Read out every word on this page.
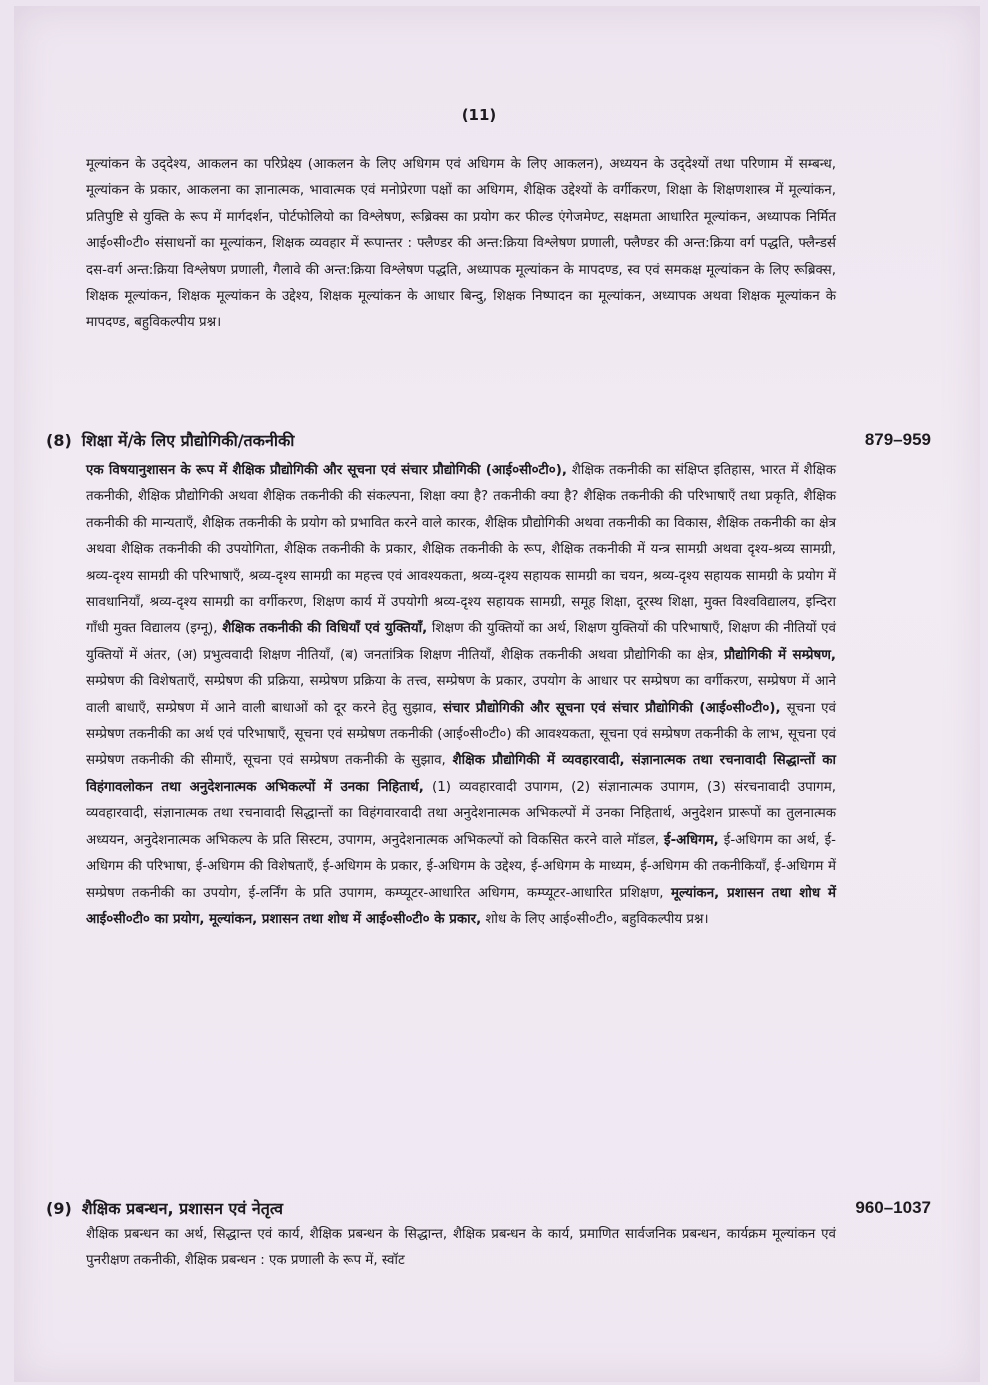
(11)

मूल्यांकन के उद्‌देश्य, आकलन का परिप्रेक्ष्य (आकलन के लिए अधिगम एवं अधिगम के लिए आकलन), अध्ययन के उद्‌देश्यों तथा परिणाम में सम्बन्ध, मूल्यांकन के प्रकार, आकलना का ज्ञानात्मक, भावात्मक एवं मनोप्रेरणा पक्षों का अधिगम, शैक्षिक उद्देश्यों के वर्गीकरण, शिक्षा के शिक्षणशास्त्र में मूल्यांकन, प्रतिपुष्टि से युक्ति के रूप में मार्गदर्शन, पोर्टफोलियो का विश्लेषण, रूब्रिक्स का प्रयोग कर फील्ड एंगेजमेण्ट, सक्षमता आधारित मूल्यांकन, अध्यापक निर्मित आई०सी०टी० संसाधनों का मूल्यांकन, शिक्षक व्यवहार में रूपान्तर : फ्लैण्डर की अन्त:क्रिया विश्लेषण प्रणाली, फ्लैण्डर की अन्त:क्रिया वर्ग पद्धति, फ्लैन्डर्स दस-वर्ग अन्त:क्रिया विश्लेषण प्रणाली, गैलावे की अन्त:क्रिया विश्लेषण पद्धति, अध्यापक मूल्यांकन के मापदण्ड, स्व एवं समकक्ष मूल्यांकन के लिए रूब्रिक्स, शिक्षक मूल्यांकन, शिक्षक मूल्यांकन के उद्देश्य, शिक्षक मूल्यांकन के आधार बिन्दु, शिक्षक निष्पादन का मूल्यांकन, अध्यापक अथवा शिक्षक मूल्यांकन के मापदण्ड, बहुविकल्पीय प्रश्न।

(8) शिक्षा में/के लिए प्रौद्योगिकी/तकनीकी	879–959

एक विषयानुशासन के रूप में शैक्षिक प्रौद्योगिकी और सूचना एवं संचार प्रौद्योगिकी (आई०सी०टी०), शैक्षिक तकनीकी का संक्षिप्त इतिहास, भारत में शैक्षिक तकनीकी, शैक्षिक प्रौद्योगिकी अथवा शैक्षिक तकनीकी की संकल्पना, शिक्षा क्या है? तकनीकी क्या है? शैक्षिक तकनीकी की परिभाषाएँ तथा प्रकृति, शैक्षिक तकनीकी की मान्यताएँ, शैक्षिक तकनीकी के प्रयोग को प्रभावित करने वाले कारक, शैक्षिक प्रौद्योगिकी अथवा तकनीकी का विकास, शैक्षिक तकनीकी का क्षेत्र अथवा शैक्षिक तकनीकी की उपयोगिता, शैक्षिक तकनीकी के प्रकार, शैक्षिक तकनीकी के रूप, शैक्षिक तकनीकी में यन्त्र सामग्री अथवा दृश्य-श्रव्य सामग्री, श्रव्य-दृश्य सामग्री की परिभाषाएँ, श्रव्य-दृश्य सामग्री का महत्त्व एवं आवश्यकता, श्रव्य-दृश्य सहायक सामग्री का चयन, श्रव्य-दृश्य सहायक सामग्री के प्रयोग में सावधानियाँ, श्रव्य-दृश्य सामग्री का वर्गीकरण, शिक्षण कार्य में उपयोगी श्रव्य-दृश्य सहायक सामग्री, समूह शिक्षा, दूरस्थ शिक्षा, मुक्त विश्वविद्यालय, इन्दिरा गाँधी मुक्त विद्यालय (इग्नू), शैक्षिक तकनीकी की विधियाँ एवं युक्तियाँ, शिक्षण की युक्तियों का अर्थ, शिक्षण युक्तियों की परिभाषाएँ, शिक्षण की नीतियों एवं युक्तियों में अंतर, (अ) प्रभुत्ववादी शिक्षण नीतियाँ, (ब) जनतांत्रिक शिक्षण नीतियाँ, शैक्षिक तकनीकी अथवा प्रौद्योगिकी का क्षेत्र, प्रौद्योगिकी में सम्प्रेषण, सम्प्रेषण की विशेषताएँ, सम्प्रेषण की प्रक्रिया, सम्प्रेषण प्रक्रिया के तत्त्व, सम्प्रेषण के प्रकार, उपयोग के आधार पर सम्प्रेषण का वर्गीकरण, सम्प्रेषण में आने वाली बाधाएँ, सम्प्रेषण में आने वाली बाधाओं को दूर करने हेतु सुझाव, संचार प्रौद्योगिकी और सूचना एवं संचार प्रौद्योगिकी (आई०सी०टी०), सूचना एवं सम्प्रेषण तकनीकी का अर्थ एवं परिभाषाएँ, सूचना एवं सम्प्रेषण तकनीकी (आई०सी०टी०) की आवश्यकता, सूचना एवं सम्प्रेषण तकनीकी के लाभ, सूचना एवं सम्प्रेषण तकनीकी की सीमाएँ, सूचना एवं सम्प्रेषण तकनीकी के सुझाव, शैक्षिक प्रौद्योगिकी में व्यवहारवादी, संज्ञानात्मक तथा रचनावादी सिद्धान्तों का विहंगावलोकन तथा अनुदेशनात्मक अभिकल्पों में उनका निहितार्थ, (1) व्यवहारवादी उपागम, (2) संज्ञानात्मक उपागम, (3) संरचनावादी उपागम, व्यवहारवादी, संज्ञानात्मक तथा रचनावादी सिद्धान्तों का विहंगवारवादी तथा अनुदेशनात्मक अभिकल्पों में उनका निहितार्थ, अनुदेशन प्रारूपों का तुलनात्मक अध्ययन, अनुदेशनात्मक अभिकल्प के प्रति सिस्टम, उपागम, अनुदेशनात्मक अभिकल्पों को विकसित करने वाले मॉडल, ई-अधिगम, ई-अधिगम का अर्थ, ई-अधिगम की परिभाषा, ई-अधिगम की विशेषताएँ, ई-अधिगम के प्रकार, ई-अधिगम के उद्देश्य, ई-अधिगम के माध्यम, ई-अधिगम की तकनीकियाँ, ई-अधिगम में सम्प्रेषण तकनीकी का उपयोग, ई-लर्निंग के प्रति उपागम, कम्प्यूटर-आधारित अधिगम, कम्प्यूटर-आधारित प्रशिक्षण, मूल्यांकन, प्रशासन तथा शोध में आई०सी०टी० का प्रयोग, मूल्यांकन, प्रशासन तथा शोध में आई०सी०टी० के प्रकार, शोध के लिए आई०सी०टी०, बहुविकल्पीय प्रश्न।

(9) शैक्षिक प्रबन्धन, प्रशासन एवं नेतृत्व	960–1037

शैक्षिक प्रबन्धन का अर्थ, सिद्धान्त एवं कार्य, शैक्षिक प्रबन्धन के सिद्धान्त, शैक्षिक प्रबन्धन के कार्य, प्रमाणित सार्वजनिक प्रबन्धन, कार्यक्रम मूल्यांकन एवं पुनरीक्षण तकनीकी, शैक्षिक प्रबन्धन : एक प्रणाली के रूप में, स्वॉट
